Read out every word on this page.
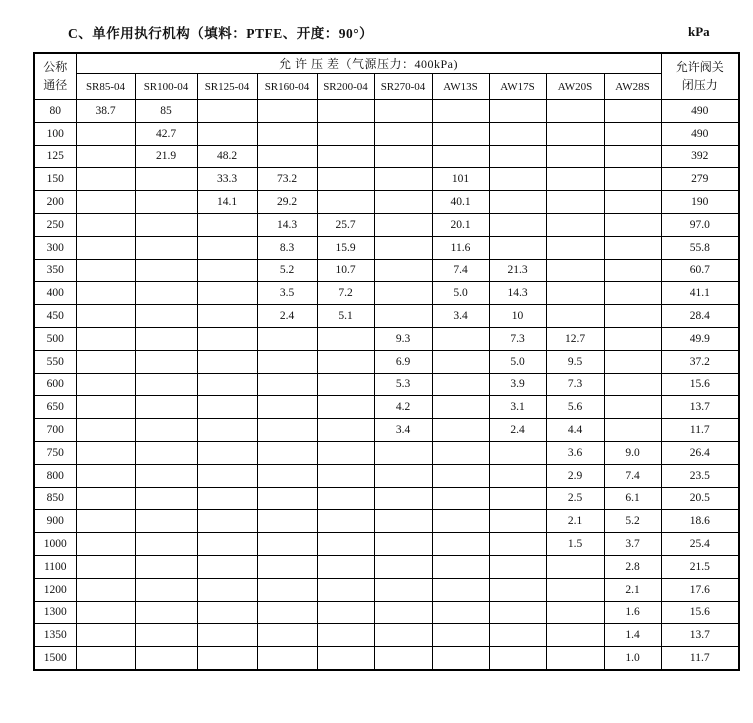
C、单作用执行机构（填料：PTFE、开度：90°）	kPa
公称
通径	允 许 压 差（气源压力：400kPa)										允许阀关
闭压力
	SR85-04	SR100-04	SR125-04	SR160-04	SR200-04	SR270-04	AW13S	AW17S	AW20S	AW28S	
80	38.7	85									490
100		42.7									490
125		21.9	48.2								392
150			33.3	73.2			101				279
200			14.1	29.2			40.1				190
250				14.3	25.7		20.1				97.0
300				8.3	15.9		11.6				55.8
350				5.2	10.7		7.4	21.3			60.7
400				3.5	7.2		5.0	14.3			41.1
450				2.4	5.1		3.4	10			28.4
500						9.3		7.3	12.7		49.9
550						6.9		5.0	9.5		37.2
600						5.3		3.9	7.3		15.6
650						4.2		3.1	5.6		13.7
700						3.4		2.4	4.4		11.7
750									3.6	9.0	26.4
800									2.9	7.4	23.5
850									2.5	6.1	20.5
900									2.1	5.2	18.6
1000									1.5	3.7	25.4
1100										2.8	21.5
1200										2.1	17.6
1300										1.6	15.6
1350										1.4	13.7
1500										1.0	11.7
